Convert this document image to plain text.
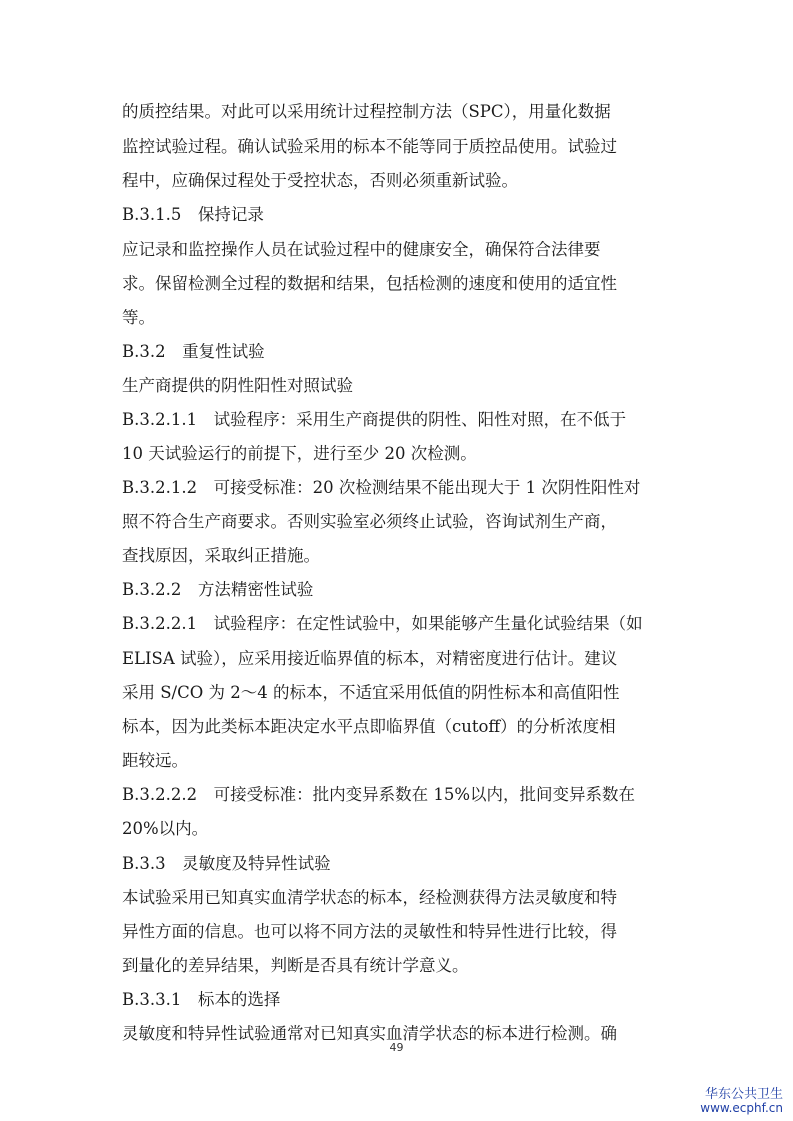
的质控结果。对此可以采用统计过程控制方法（SPC），用量化数据
监控试验过程。确认试验采用的标本不能等同于质控品使用。试验过
程中，应确保过程处于受控状态，否则必须重新试验。
B.3.1.5　保持记录
应记录和监控操作人员在试验过程中的健康安全，确保符合法律要
求。保留检测全过程的数据和结果，包括检测的速度和使用的适宜性
等。
B.3.2　重复性试验
生产商提供的阴性阳性对照试验
B.3.2.1.1　试验程序：采用生产商提供的阴性、阳性对照，在不低于
10 天试验运行的前提下，进行至少 20 次检测。
B.3.2.1.2　可接受标准：20 次检测结果不能出现大于 1 次阴性阳性对
照不符合生产商要求。否则实验室必须终止试验，咨询试剂生产商，
查找原因，采取纠正措施。
B.3.2.2　方法精密性试验
B.3.2.2.1　试验程序：在定性试验中，如果能够产生量化试验结果（如
ELISA 试验），应采用接近临界值的标本，对精密度进行估计。建议
采用 S/CO 为 2～4 的标本，不适宜采用低值的阴性标本和高值阳性
标本，因为此类标本距决定水平点即临界值（cutoff）的分析浓度相
距较远。
B.3.2.2.2　可接受标准：批内变异系数在 15%以内，批间变异系数在
20%以内。
B.3.3　灵敏度及特异性试验
本试验采用已知真实血清学状态的标本，经检测获得方法灵敏度和特
异性方面的信息。也可以将不同方法的灵敏性和特异性进行比较，得
到量化的差异结果，判断是否具有统计学意义。
B.3.3.1　标本的选择
灵敏度和特异性试验通常对已知真实血清学状态的标本进行检测。确
49
华东公共卫生
www.ecphf.cn
